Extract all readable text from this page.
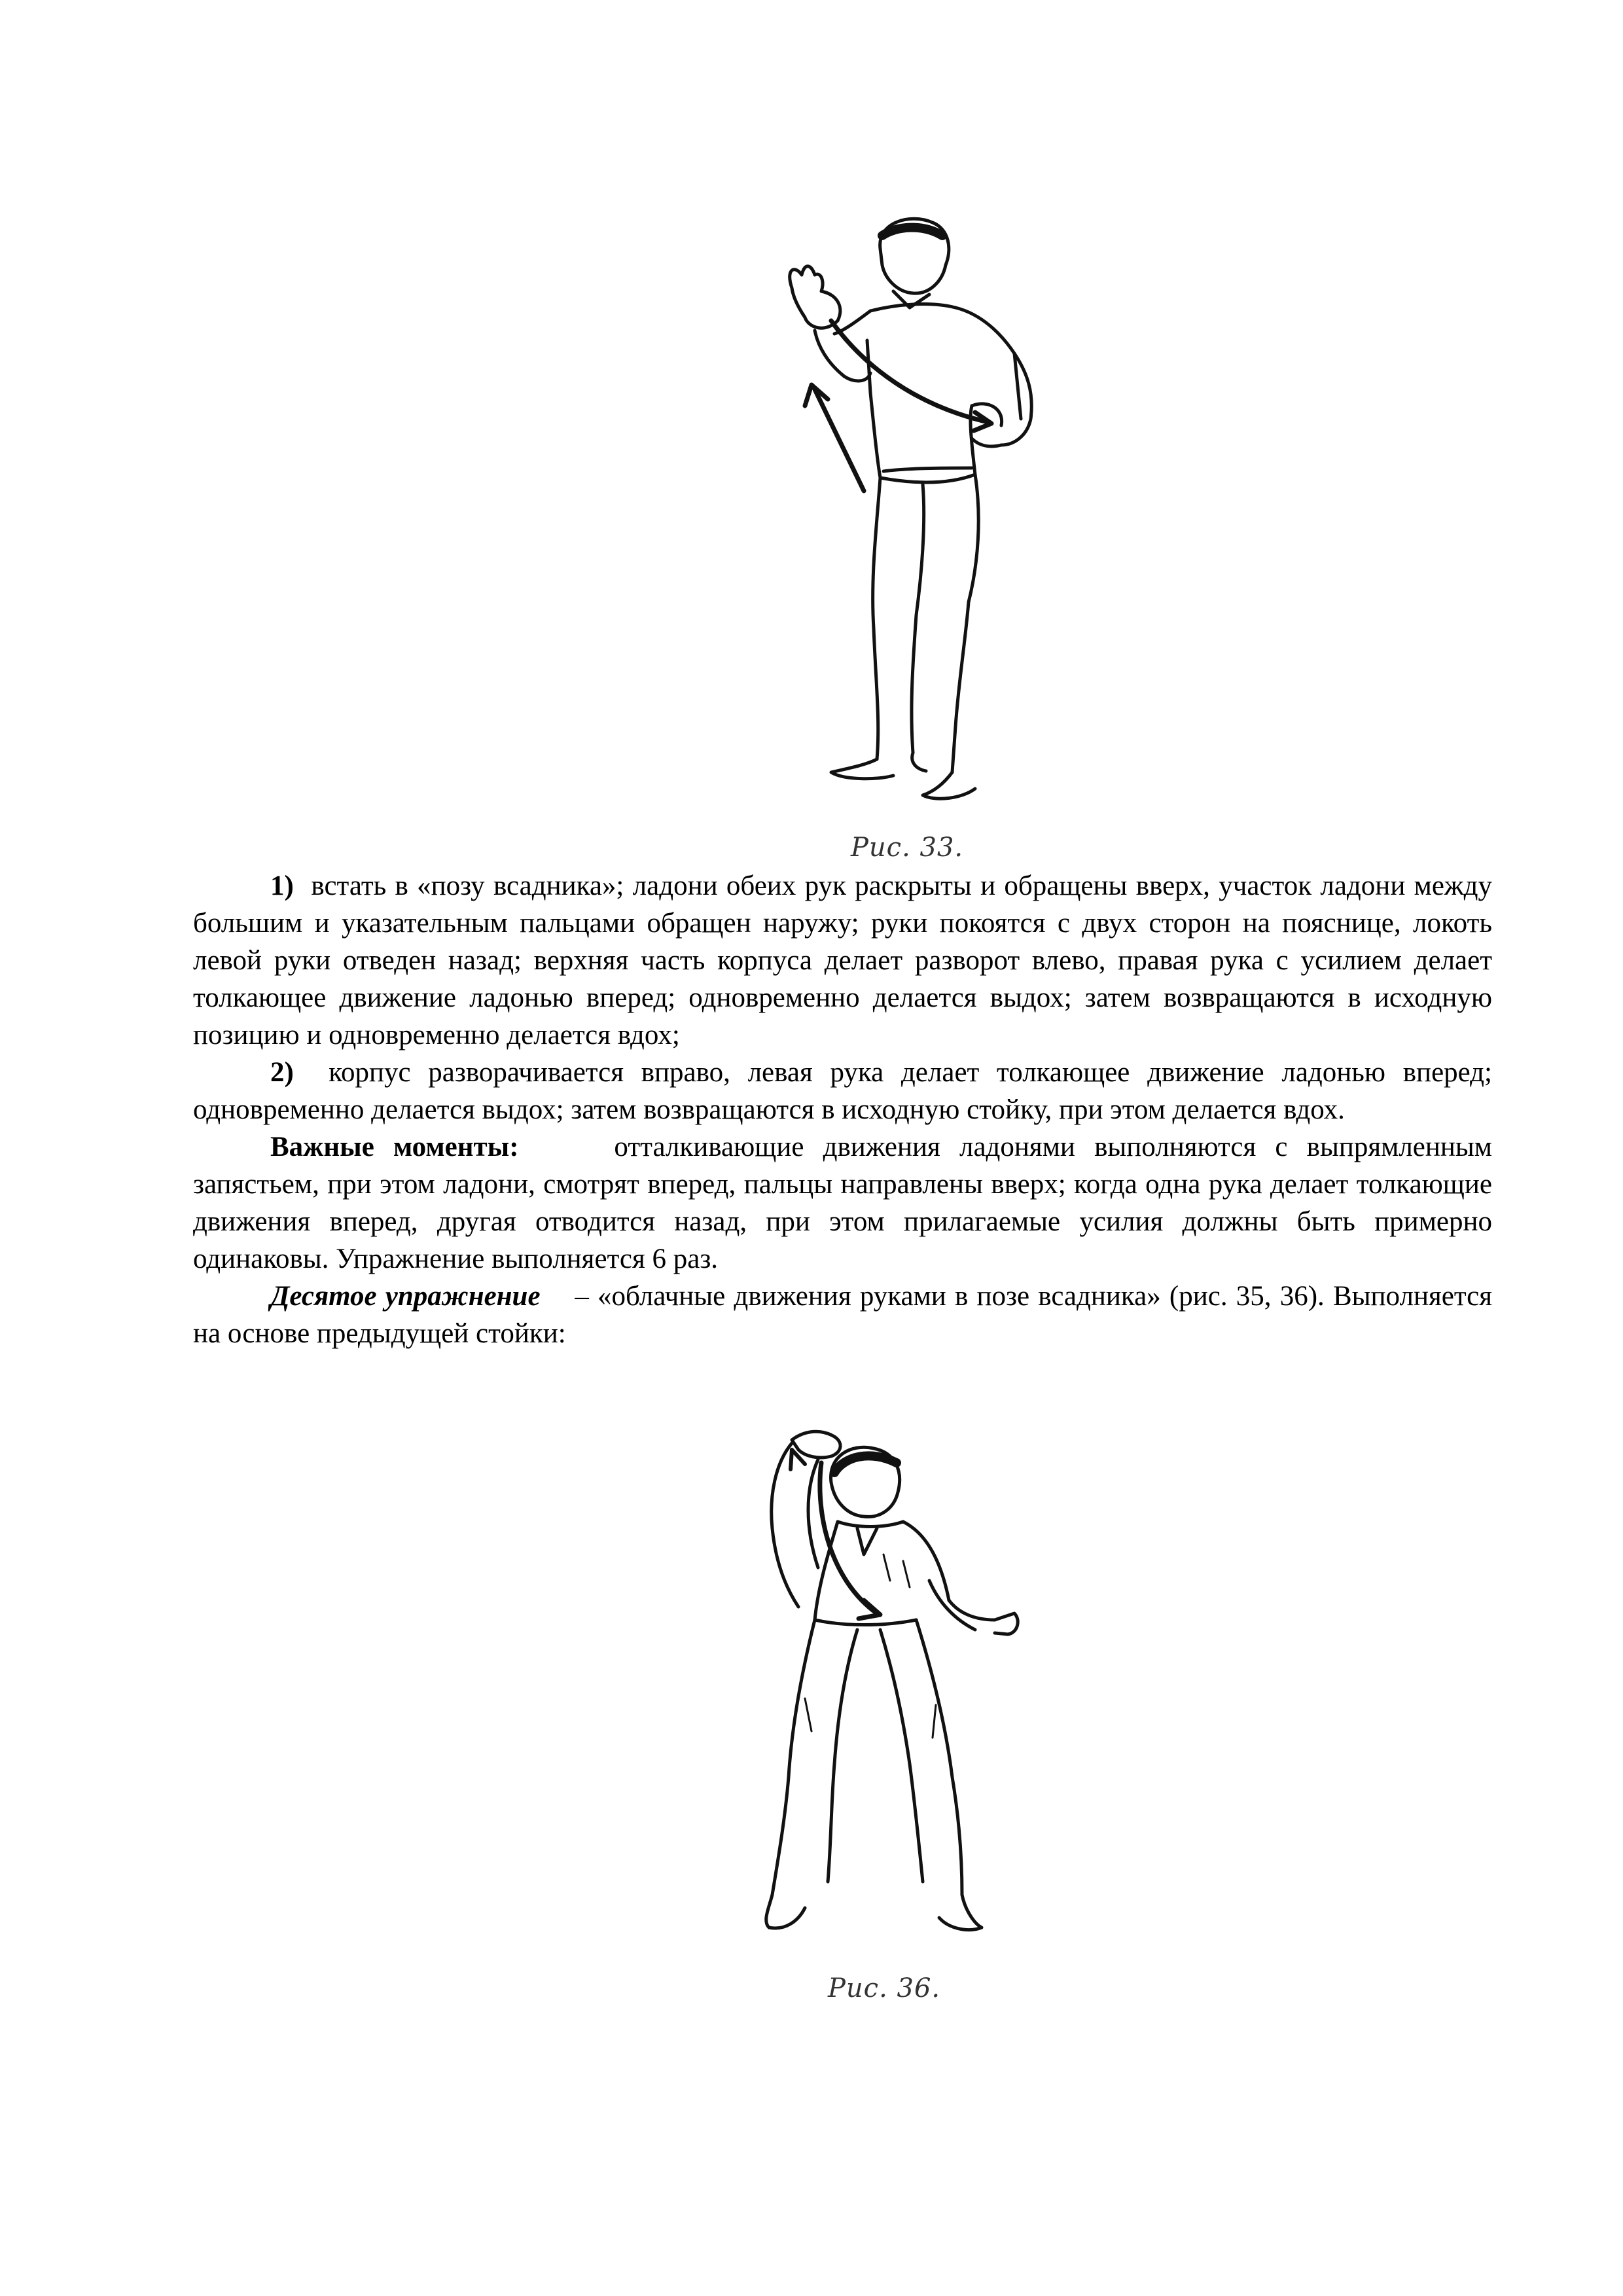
Рис. 33.

1) встать в «позу всадника»; ладони обеих рук раскрыты и обращены вверх, участок ладони между большим и указательным пальцами обращен наружу; руки покоятся с двух сторон на пояснице, локоть левой руки отведен назад; верхняя часть корпуса делает разворот влево, правая рука с усилием делает толкающее движение ладонью вперед; одновременно делается выдох; затем возвращаются в исходную позицию и одновременно делается вдох;

2) корпус разворачивается вправо, левая рука делает толкающее движение ладонью вперед; одновременно делается выдох; затем возвращаются в исходную стойку, при этом делается вдох.

Важные моменты:	отталкивающие движения ладонями выполняются с выпрямленным запястьем, при этом ладони, смотрят вперед, пальцы направлены вверх; когда одна рука делает толкающие движения вперед, другая отводится назад, при этом прилагаемые усилия должны быть примерно одинаковы. Упражнение выполняется 6 раз.

Десятое упражнение – «облачные движения руками в позе всадника» (рис. 35, 36). Выполняется на основе предыдущей стойки:

Рис. 36.
